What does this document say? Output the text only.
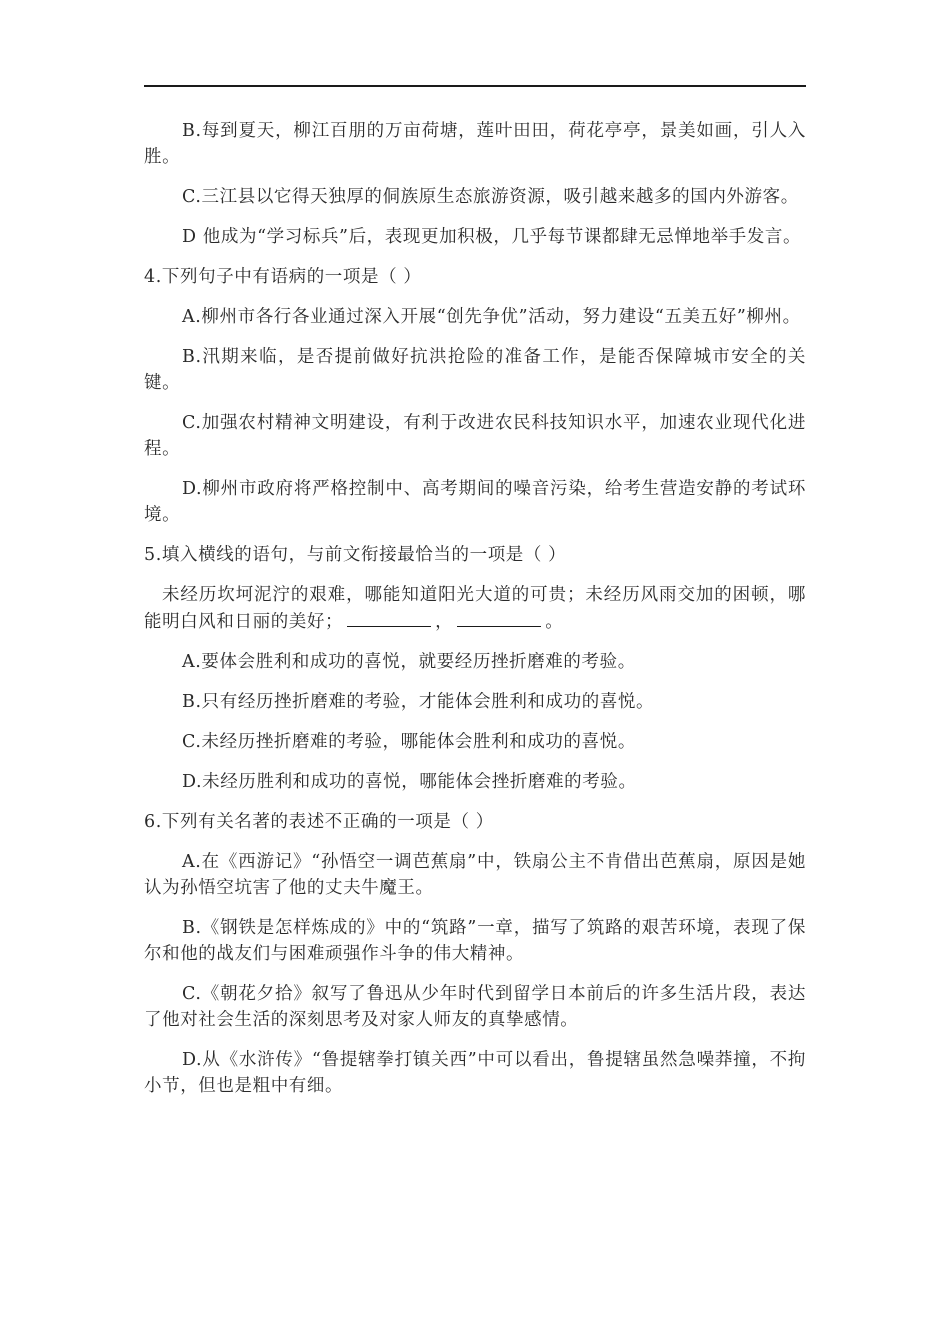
B.每到夏天，柳江百朋的万亩荷塘，莲叶田田，荷花亭亭，景美如画，引人入胜。

C.三江县以它得天独厚的侗族原生态旅游资源，吸引越来越多的国内外游客。

D 他成为“学习标兵”后，表现更加积极，几乎每节课都肆无忌惮地举手发言。

4.下列句子中有语病的一项是（ ）

A.柳州市各行各业通过深入开展“创先争优”活动，努力建设“五美五好”柳州。

B.汛期来临，是否提前做好抗洪抢险的准备工作，是能否保障城市安全的关键。

C.加强农村精神文明建设，有利于改进农民科技知识水平，加速农业现代化进程。

D.柳州市政府将严格控制中、高考期间的噪音污染，给考生营造安静的考试环境。

5.填入横线的语句，与前文衔接最恰当的一项是（ ）

未经历坎坷泥泞的艰难，哪能知道阳光大道的可贵；未经历风雨交加的困顿，哪能明白风和日丽的美好；	，	。

A.要体会胜利和成功的喜悦，就要经历挫折磨难的考验。

B.只有经历挫折磨难的考验，才能体会胜利和成功的喜悦。

C.未经历挫折磨难的考验，哪能体会胜利和成功的喜悦。

D.未经历胜利和成功的喜悦，哪能体会挫折磨难的考验。

6.下列有关名著的表述不正确的一项是（ ）

A.在《西游记》“孙悟空一调芭蕉扇”中，铁扇公主不肯借出芭蕉扇，原因是她认为孙悟空坑害了他的丈夫牛魔王。

B.《钢铁是怎样炼成的》中的“筑路”一章，描写了筑路的艰苦环境，表现了保尔和他的战友们与困难顽强作斗争的伟大精神。

C.《朝花夕拾》叙写了鲁迅从少年时代到留学日本前后的许多生活片段，表达了他对社会生活的深刻思考及对家人师友的真挚感情。

D.从《水浒传》“鲁提辖拳打镇关西”中可以看出，鲁提辖虽然急噪莽撞，不拘小节，但也是粗中有细。
